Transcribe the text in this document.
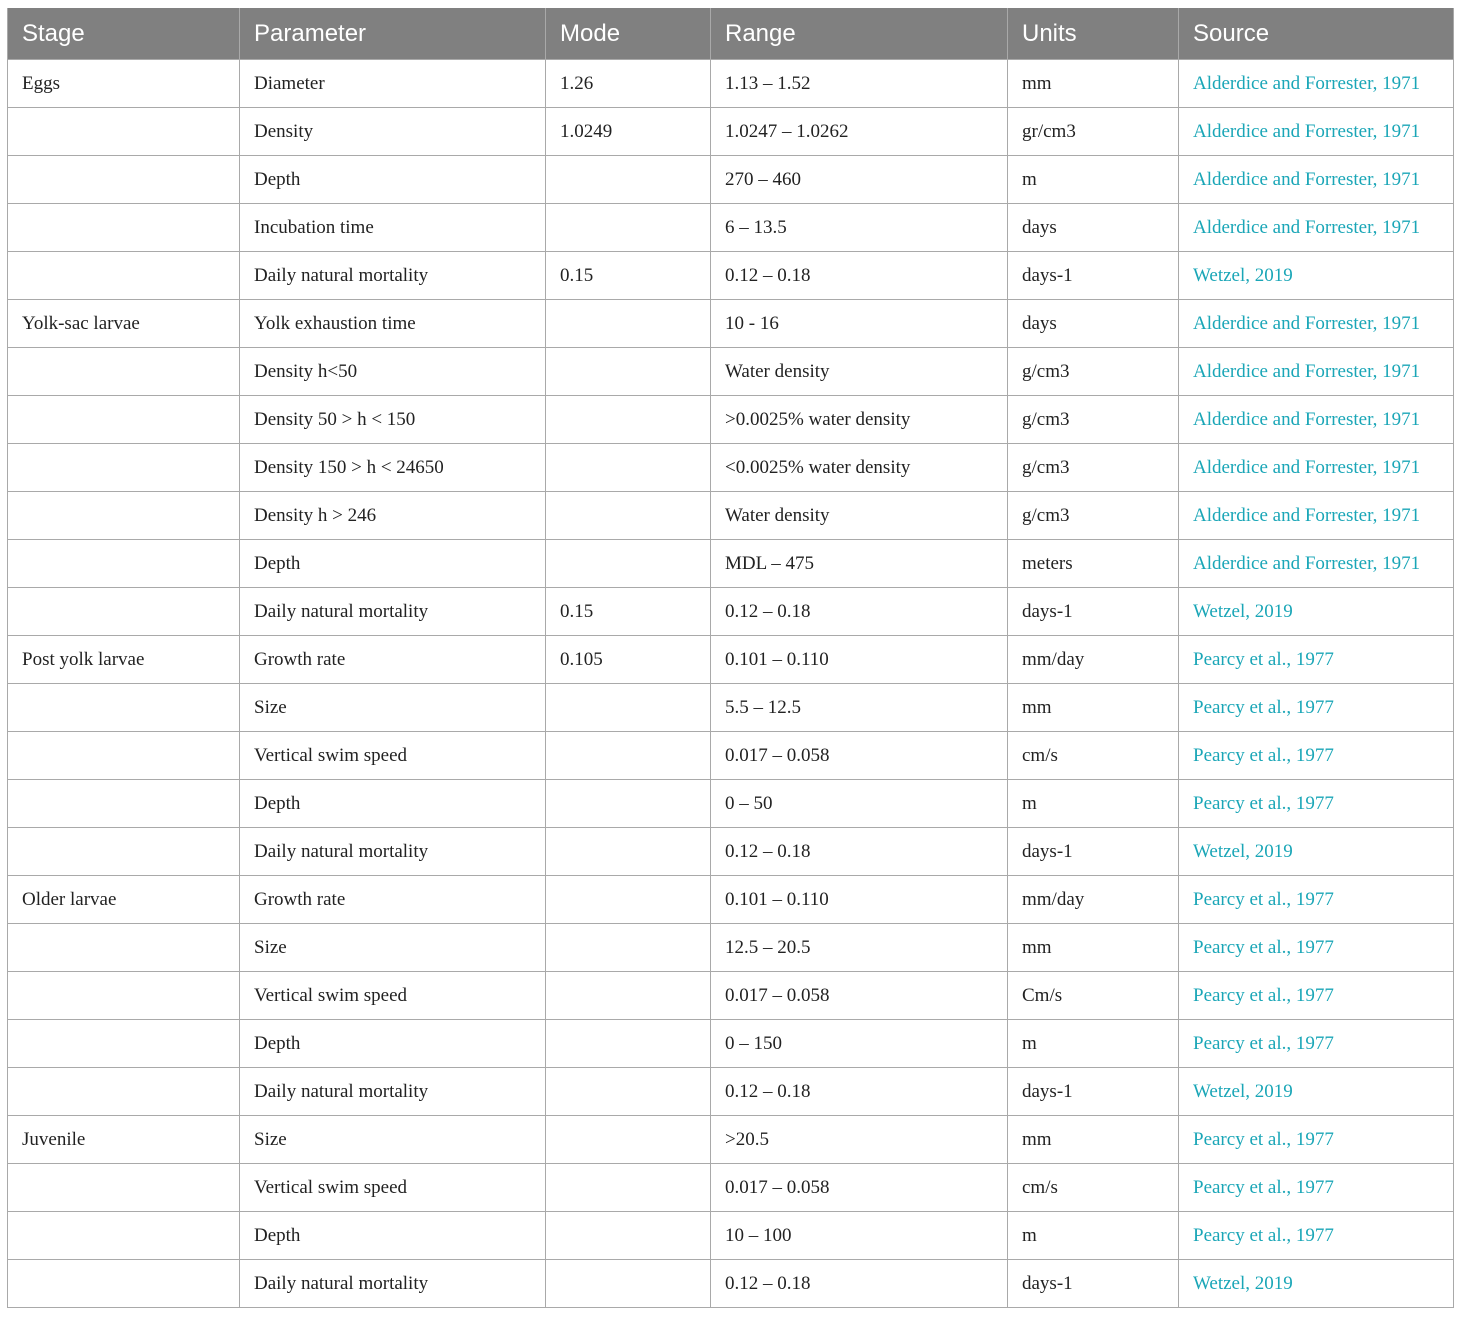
Stage	Parameter	Mode	Range	Units	Source
Eggs	Diameter	1.26	1.13 – 1.52	mm	Alderdice and Forrester, 1971
	Density	1.0249	1.0247 – 1.0262	gr/cm3	Alderdice and Forrester, 1971
	Depth		270 – 460	m	Alderdice and Forrester, 1971
	Incubation time		6 – 13.5	days	Alderdice and Forrester, 1971
	Daily natural mortality	0.15	0.12 – 0.18	days-1	Wetzel, 2019
Yolk-sac larvae	Yolk exhaustion time		10 - 16	days	Alderdice and Forrester, 1971
	Density h<50		Water density	g/cm3	Alderdice and Forrester, 1971
	Density 50 > h < 150		>0.0025% water density	g/cm3	Alderdice and Forrester, 1971
	Density 150 > h < 24650		<0.0025% water density	g/cm3	Alderdice and Forrester, 1971
	Density h > 246		Water density	g/cm3	Alderdice and Forrester, 1971
	Depth		MDL – 475	meters	Alderdice and Forrester, 1971
	Daily natural mortality	0.15	0.12 – 0.18	days-1	Wetzel, 2019
Post yolk larvae	Growth rate	0.105	0.101 – 0.110	mm/day	Pearcy et al., 1977
	Size		5.5 – 12.5	mm	Pearcy et al., 1977
	Vertical swim speed		0.017 – 0.058	cm/s	Pearcy et al., 1977
	Depth		0 – 50	m	Pearcy et al., 1977
	Daily natural mortality		0.12 – 0.18	days-1	Wetzel, 2019
Older larvae	Growth rate		0.101 – 0.110	mm/day	Pearcy et al., 1977
	Size		12.5 – 20.5	mm	Pearcy et al., 1977
	Vertical swim speed		0.017 – 0.058	Cm/s	Pearcy et al., 1977
	Depth		0 – 150	m	Pearcy et al., 1977
	Daily natural mortality		0.12 – 0.18	days-1	Wetzel, 2019
Juvenile	Size		>20.5	mm	Pearcy et al., 1977
	Vertical swim speed		0.017 – 0.058	cm/s	Pearcy et al., 1977
	Depth		10 – 100	m	Pearcy et al., 1977
	Daily natural mortality		0.12 – 0.18	days-1	Wetzel, 2019
